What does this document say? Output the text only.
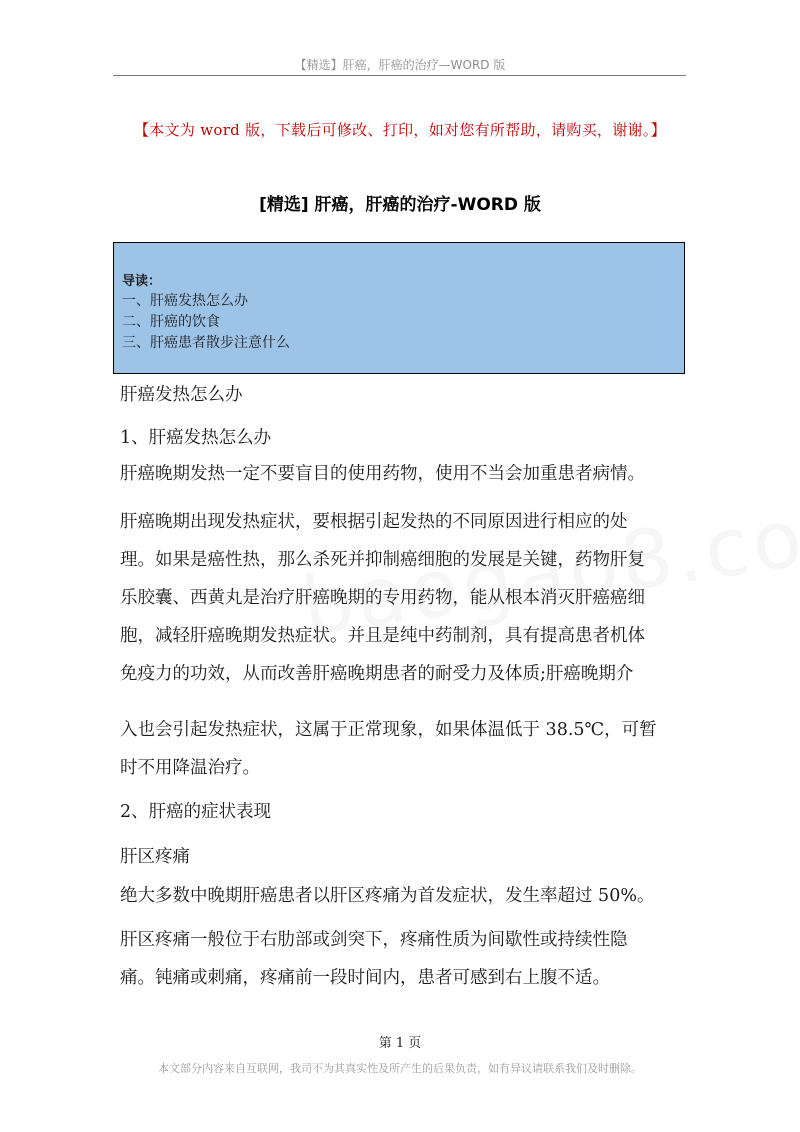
【精选】肝癌，肝癌的治疗—WORD 版
【本文为 word 版，下载后可修改、打印，如对您有所帮助，请购买，谢谢。】
[精选] 肝癌，肝癌的治疗-WORD 版
导读：
一、肝癌发热怎么办
二、肝癌的饮食
三、肝癌患者散步注意什么
肝癌发热怎么办
1、肝癌发热怎么办
肝癌晚期发热一定不要盲目的使用药物，使用不当会加重患者病情。
肝癌晚期出现发热症状，要根据引起发热的不同原因进行相应的处
理。如果是癌性热，那么杀死并抑制癌细胞的发展是关键，药物肝复
乐胶囊、西黄丸是治疗肝癌晚期的专用药物，能从根本消灭肝癌癌细
胞，减轻肝癌晚期发热症状。并且是纯中药制剂，具有提高患者机体
免疫力的功效，从而改善肝癌晚期患者的耐受力及体质;肝癌晚期介
入也会引起发热症状，这属于正常现象，如果体温低于 38.5℃，可暂
时不用降温治疗。
2、肝癌的症状表现
肝区疼痛
绝大多数中晚期肝癌患者以肝区疼痛为首发症状，发生率超过 50%。
肝区疼痛一般位于右肋部或剑突下，疼痛性质为间歇性或持续性隐
痛。钝痛或刺痛，疼痛前一段时间内，患者可感到右上腹不适。
第 1 页
本文部分内容来自互联网，我司不为其真实性及所产生的后果负责，如有异议请联系我们及时删除。
